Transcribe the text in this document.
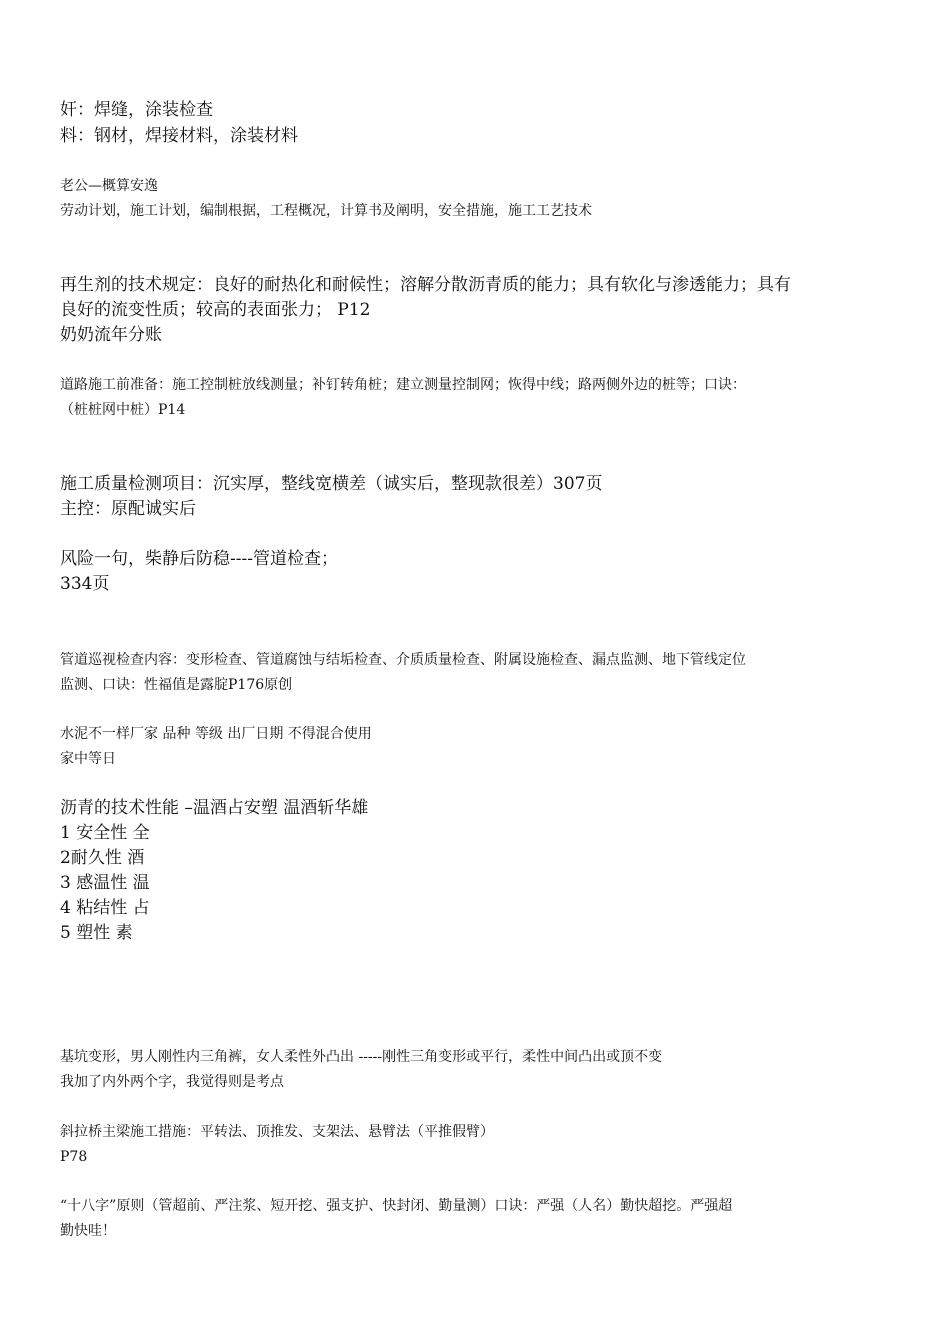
奸：焊缝，涂装检查

料：钢材，焊接材料，涂装材料

老公—概算安逸

劳动计划，施工计划，编制根据，工程概况，计算书及阐明，安全措施，施工工艺技术

再生剂的技术规定：良好的耐热化和耐候性；溶解分散沥青质的能力；具有软化与渗透能力；具有

良好的流变性质；较高的表面张力； P12

奶奶流年分账

道路施工前准备：施工控制桩放线测量；补钉转角桩；建立测量控制网；恢得中线；路两侧外边的桩等；口诀：

（桩桩网中桩）P14

施工质量检测项目：沉实厚，整线宽横差（诚实后，整现款很差）307页

主控：原配诚实后

风险一句，柴静后防稳----管道检查；

334页

管道巡视检查内容：变形检查、管道腐蚀与结垢检查、介质质量检查、附属设施检查、漏点监测、地下管线定位

监测、口诀：性福值是露腚P176原创

水泥不一样厂家 品种 等级 出厂日期 不得混合使用

家中等日

沥青的技术性能 –温酒占安塑 温酒斩华雄

1 安全性 全

2耐久性 酒

3 感温性 温

4 粘结性 占

5 塑性 素

基坑变形，男人刚性内三角裤，女人柔性外凸出 -----刚性三角变形或平行，柔性中间凸出或顶不变

我加了内外两个字，我觉得则是考点

斜拉桥主梁施工措施：平转法、顶推发、支架法、悬臂法（平推假臂）

P78

“十八字”原则（管超前、严注浆、短开挖、强支护、快封闭、勤量测）口诀：严强（人名）勤快超挖。严强超

勤快哇！
